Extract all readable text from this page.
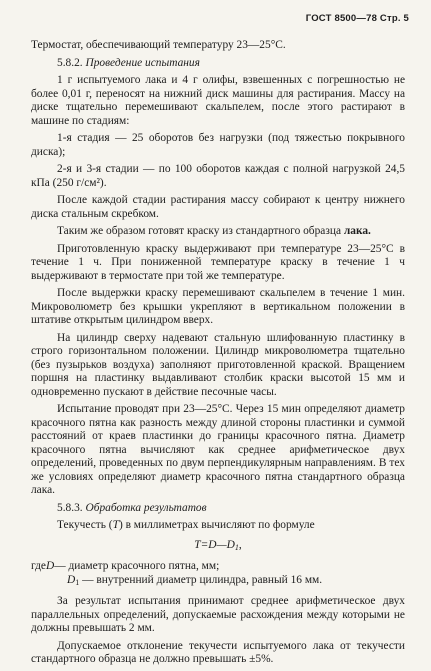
ГОСТ 8500—78 Стр. 5

Термостат, обеспечивающий температуру 23—25°С.

5.8.2. Проведение испытания

1 г испытуемого лака и 4 г олифы, взвешенных с погрешностью не более 0,01 г, переносят на нижний диск машины для растирания. Массу на диске тщательно перемешивают скальпелем, после этого растирают в машине по стадиям:

1-я стадия — 25 оборотов без нагрузки (под тяжестью покрывного диска);

2-я и 3-я стадии — по 100 оборотов каждая с полной нагрузкой 24,5 кПа (250 г/см²).

После каждой стадии растирания массу собирают к центру нижнего диска стальным скребком.

Таким же образом готовят краску из стандартного образца лака.

Приготовленную краску выдерживают при температуре 23—25°С в течение 1 ч. При пониженной температуре краску в течение 1 ч выдерживают в термостате при той же температуре.

После выдержки краску перемешивают скальпелем в течение 1 мин. Микроволюметр без крышки укрепляют в вертикальном положении в штативе открытым цилиндром вверх.

На цилиндр сверху надевают стальную шлифованную пластинку в строго горизонтальном положении. Цилиндр микроволюметра тщательно (без пузырьков воздуха) заполняют приготовленной краской. Вращением поршня на пластинку выдавливают столбик краски высотой 15 мм и одновременно пускают в действие песочные часы.

Испытание проводят при 23—25°С. Через 15 мин определяют диаметр красочного пятна как разность между длиной стороны пластинки и суммой расстояний от краев пластинки до границы красочного пятна. Диаметр красочного пятна вычисляют как среднее арифметическое двух определений, проведенных по двум перпендикулярным направлениям. В тех же условиях определяют диаметр красочного пятна стандартного образца лака.

5.8.3. Обработка результатов

Текучесть (T) в миллиметрах вычисляют по формуле

$T=D—D_1$,
где D — диаметр красочного пятна, мм;
$D_1$ — внутренний диаметр цилиндра, равный 16 мм.

За результат испытания принимают среднее арифметическое двух параллельных определений, допускаемые расхождения между которыми не должны превышать 2 мм.

Допускаемое отклонение текучести испытуемого лака от текучести стандартного образца не должно превышать ±5%.
